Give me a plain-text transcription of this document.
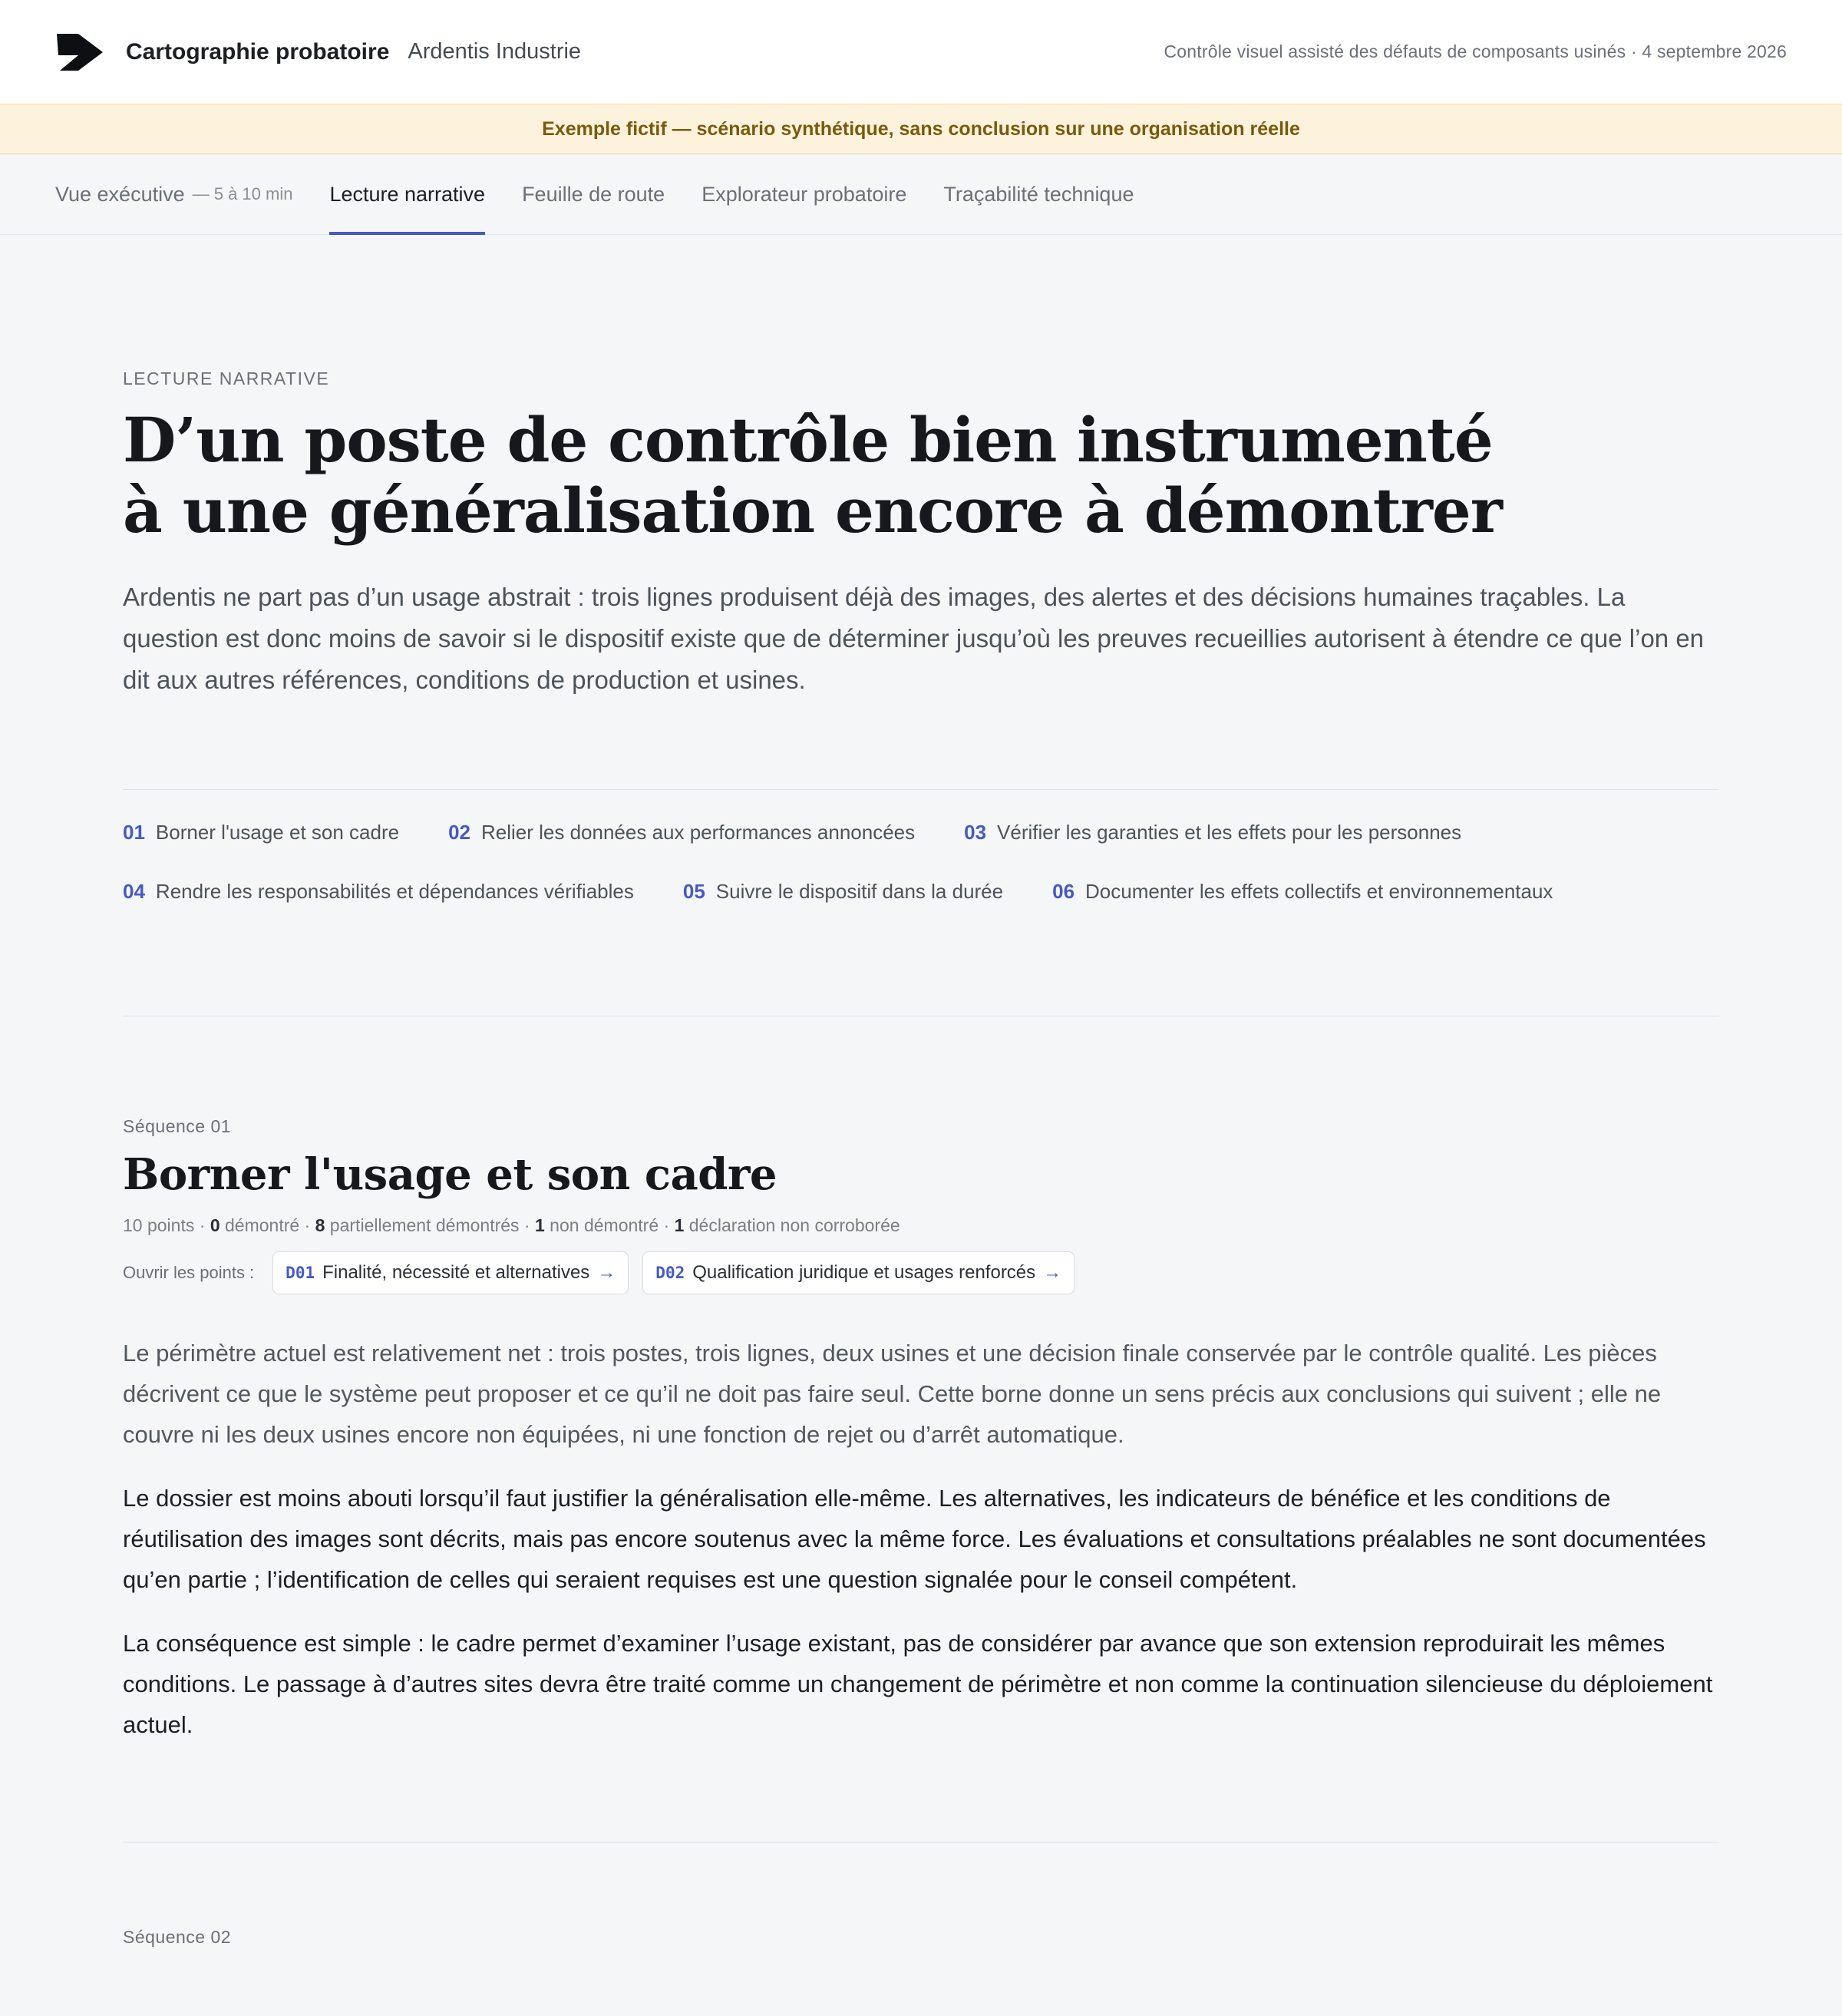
Cartographie probatoire Ardentis Industrie	Contrôle visuel assisté des défauts de composants usinés · 4 septembre 2026
Exemple fictif — scénario synthétique, sans conclusion sur une organisation réelle
Vue exécutive — 5 à 10 min Lecture narrative Feuille de route Explorateur probatoire Traçabilité technique
LECTURE NARRATIVE
D’un poste de contrôle bien instrumenté à une généralisation encore à démontrer

Ardentis ne part pas d’un usage abstrait : trois lignes produisent déjà des images, des alertes et des décisions humaines traçables. La question est donc moins de savoir si le dispositif existe que de déterminer jusqu’où les preuves recueillies autorisent à étendre ce que l’on en dit aux autres références, conditions de production et usines.

01 Borner l'usage et son cadre 02 Relier les données aux performances annoncées 03 Vérifier les garanties et les effets pour les personnes
04 Rendre les responsabilités et dépendances vérifiables 05 Suivre le dispositif dans la durée 06 Documenter les effets collectifs et environnementaux
Séquence 01
Borner l'usage et son cadre
10 points · 0 démontré · 8 partiellement démontrés · 1 non démontré · 1 déclaration non corroborée
Ouvrir les points : D01 Finalité, nécessité et alternatives → D02 Qualification juridique et usages renforcés →

Le périmètre actuel est relativement net : trois postes, trois lignes, deux usines et une décision finale conservée par le contrôle qualité. Les pièces décrivent ce que le système peut proposer et ce qu’il ne doit pas faire seul. Cette borne donne un sens précis aux conclusions qui suivent ; elle ne couvre ni les deux usines encore non équipées, ni une fonction de rejet ou d’arrêt automatique.

Le dossier est moins abouti lorsqu’il faut justifier la généralisation elle-même. Les alternatives, les indicateurs de bénéfice et les conditions de réutilisation des images sont décrits, mais pas encore soutenus avec la même force. Les évaluations et consultations préalables ne sont documentées qu’en partie ; l’identification de celles qui seraient requises est une question signalée pour le conseil compétent.

La conséquence est simple : le cadre permet d’examiner l’usage existant, pas de considérer par avance que son extension reproduirait les mêmes conditions. Le passage à d’autres sites devra être traité comme un changement de périmètre et non comme la continuation silencieuse du déploiement actuel.

Séquence 02
